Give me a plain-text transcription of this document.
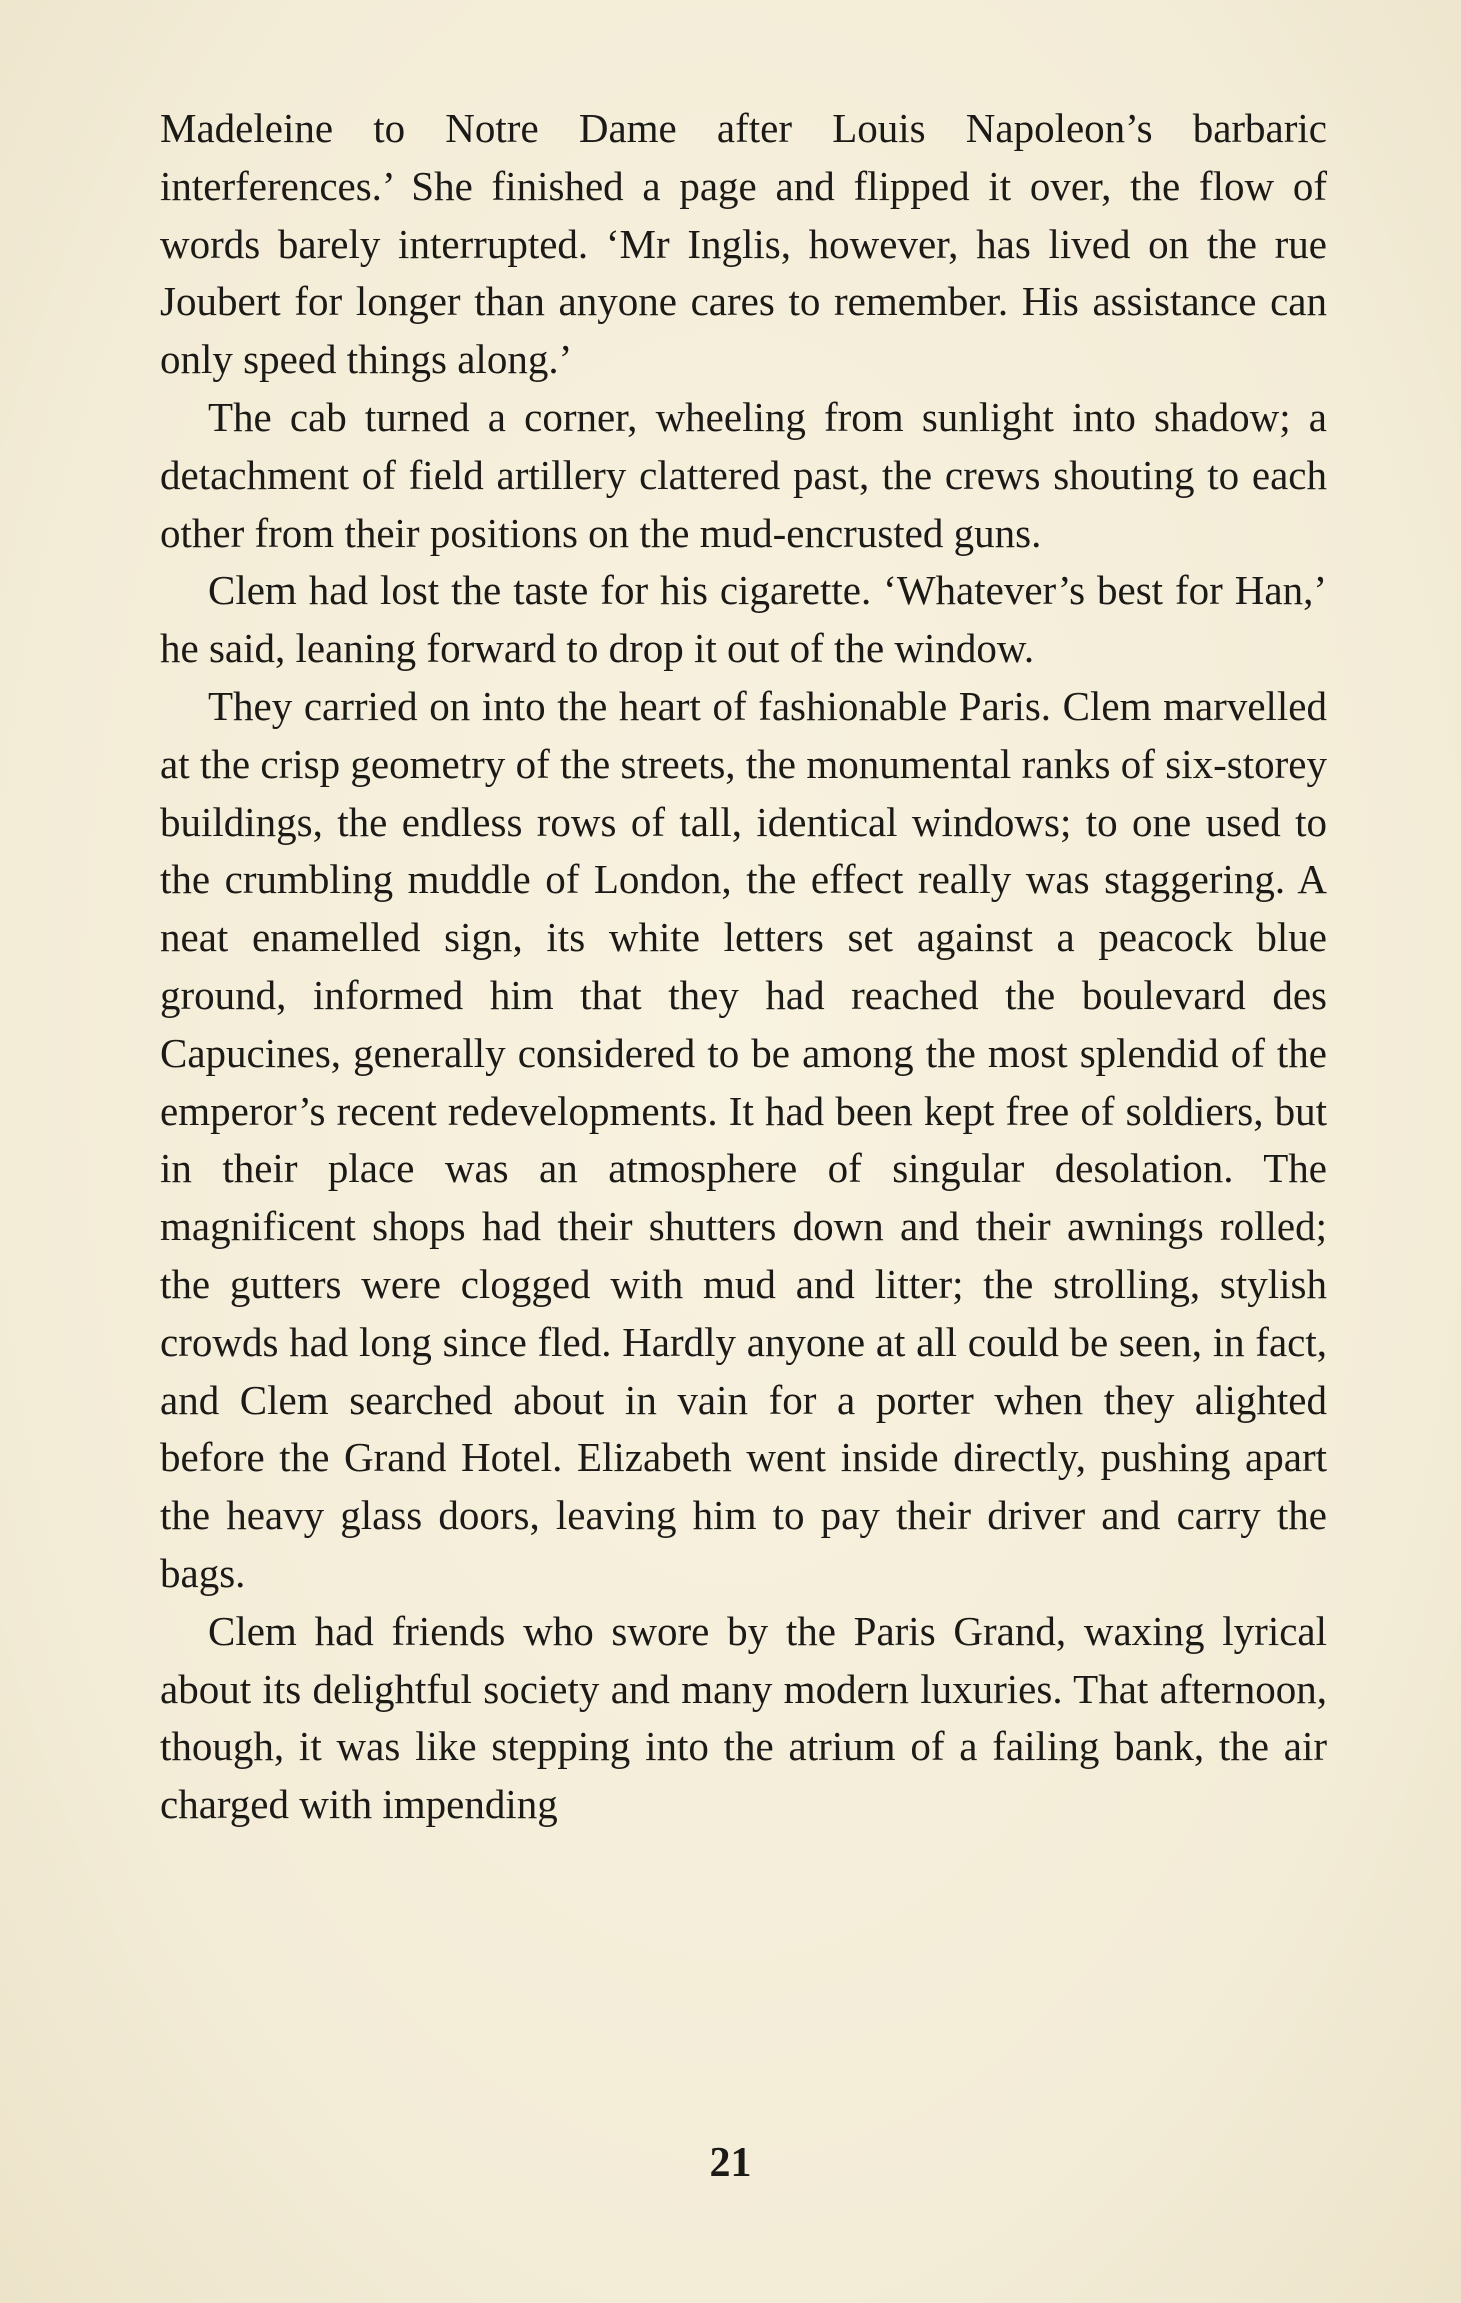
Madeleine to Notre Dame after Louis Napoleon’s barbaric interferences.’ She finished a page and flipped it over, the flow of words barely interrupted. ‘Mr Inglis, however, has lived on the rue Joubert for longer than anyone cares to remember. His assistance can only speed things along.’

The cab turned a corner, wheeling from sunlight into shadow; a detachment of field artillery clattered past, the crews shouting to each other from their positions on the mud-encrusted guns.

Clem had lost the taste for his cigarette. ‘Whatever’s best for Han,’ he said, leaning forward to drop it out of the window.

They carried on into the heart of fashionable Paris. Clem marvelled at the crisp geometry of the streets, the monumental ranks of six-storey buildings, the endless rows of tall, identical windows; to one used to the crumbling muddle of London, the effect really was staggering. A neat enamelled sign, its white letters set against a peacock blue ground, informed him that they had reached the boulevard des Capucines, generally considered to be among the most splendid of the emperor’s recent redevelopments. It had been kept free of soldiers, but in their place was an atmosphere of singular desolation. The magnificent shops had their shutters down and their awnings rolled; the gutters were clogged with mud and litter; the strolling, stylish crowds had long since fled. Hardly anyone at all could be seen, in fact, and Clem searched about in vain for a porter when they alighted before the Grand Hotel. Elizabeth went inside directly, pushing apart the heavy glass doors, leaving him to pay their driver and carry the bags.

Clem had friends who swore by the Paris Grand, waxing lyrical about its delightful society and many modern luxuries. That afternoon, though, it was like stepping into the atrium of a failing bank, the air charged with impending

21
